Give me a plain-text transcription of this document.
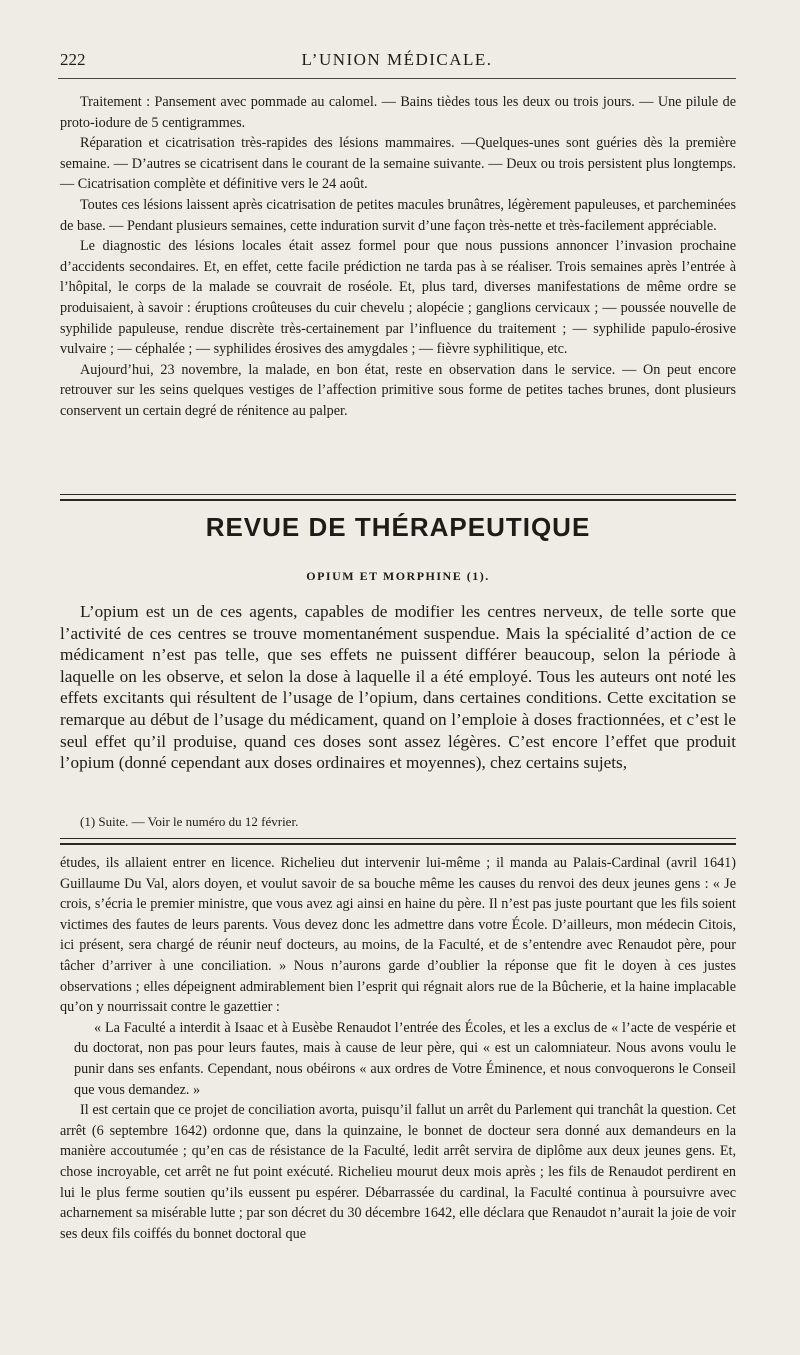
222	L’UNION MÉDICALE.

Traitement : Pansement avec pommade au calomel. — Bains tièdes tous les deux ou trois jours. — Une pilule de proto-iodure de 5 centigrammes.

Réparation et cicatrisation très-rapides des lésions mammaires. —Quelques-unes sont guéries dès la première semaine. — D’autres se cicatrisent dans le courant de la semaine suivante. — Deux ou trois persistent plus longtemps. — Cicatrisation complète et définitive vers le 24 août.

Toutes ces lésions laissent après cicatrisation de petites macules brunâtres, légèrement papuleuses, et parcheminées de base. — Pendant plusieurs semaines, cette induration survit d’une façon très-nette et très-facilement appréciable.

Le diagnostic des lésions locales était assez formel pour que nous pussions annoncer l’invasion prochaine d’accidents secondaires. Et, en effet, cette facile prédiction ne tarda pas à se réaliser. Trois semaines après l’entrée à l’hôpital, le corps de la malade se couvrait de roséole. Et, plus tard, diverses manifestations de même ordre se produisaient, à savoir : éruptions croûteuses du cuir chevelu ; alopécie ; ganglions cervicaux ; — poussée nouvelle de syphilide papuleuse, rendue discrète très-certainement par l’influence du traitement ; — syphilide papulo-érosive vulvaire ; — céphalée ; — syphilides érosives des amygdales ; — fièvre syphilitique, etc.

Aujourd’hui, 23 novembre, la malade, en bon état, reste en observation dans le service. — On peut encore retrouver sur les seins quelques vestiges de l’affection primitive sous forme de petites taches brunes, dont plusieurs conservent un certain degré de rénitence au palper.

REVUE DE THÉRAPEUTIQUE
OPIUM ET MORPHINE (1).

L’opium est un de ces agents, capables de modifier les centres nerveux, de telle sorte que l’activité de ces centres se trouve momentanément suspendue. Mais la spécialité d’action de ce médicament n’est pas telle, que ses effets ne puissent différer beaucoup, selon la période à laquelle on les observe, et selon la dose à laquelle il a été employé. Tous les auteurs ont noté les effets excitants qui résultent de l’usage de l’opium, dans certaines conditions. Cette excitation se remarque au début de l’usage du médicament, quand on l’emploie à doses fractionnées, et c’est le seul effet qu’il produise, quand ces doses sont assez légères. C’est encore l’effet que produit l’opium (donné cependant aux doses ordinaires et moyennes), chez certains sujets,

(1) Suite. — Voir le numéro du 12 février.

études, ils allaient entrer en licence. Richelieu dut intervenir lui-même ; il manda au Palais-Cardinal (avril 1641) Guillaume Du Val, alors doyen, et voulut savoir de sa bouche même les causes du renvoi des deux jeunes gens : « Je crois, s’écria le premier ministre, que vous avez agi ainsi en haine du père. Il n’est pas juste pourtant que les fils soient victimes des fautes de leurs parents. Vous devez donc les admettre dans votre École. D’ailleurs, mon médecin Citois, ici présent, sera chargé de réunir neuf docteurs, au moins, de la Faculté, et de s’entendre avec Renaudot père, pour tâcher d’arriver à une conciliation. » Nous n’aurons garde d’oublier la réponse que fit le doyen à ces justes observations ; elles dépeignent admirablement bien l’esprit qui régnait alors rue de la Bûcherie, et la haine implacable qu’on y nourrissait contre le gazettier :

« La Faculté a interdit à Isaac et à Eusèbe Renaudot l’entrée des Écoles, et les a exclus de « l’acte de vespérie et du doctorat, non pas pour leurs fautes, mais à cause de leur père, qui « est un calomniateur. Nous avons voulu le punir dans ses enfants. Cependant, nous obéirons « aux ordres de Votre Éminence, et nous convoquerons le Conseil que vous demandez. »

Il est certain que ce projet de conciliation avorta, puisqu’il fallut un arrêt du Parlement qui tranchât la question. Cet arrêt (6 septembre 1642) ordonne que, dans la quinzaine, le bonnet de docteur sera donné aux demandeurs en la manière accoutumée ; qu’en cas de résistance de la Faculté, ledit arrêt servira de diplôme aux deux jeunes gens. Et, chose incroyable, cet arrêt ne fut point exécuté. Richelieu mourut deux mois après ; les fils de Renaudot perdirent en lui le plus ferme soutien qu’ils eussent pu espérer. Débarrassée du cardinal, la Faculté continua à poursuivre avec acharnement sa misérable lutte ; par son décret du 30 décembre 1642, elle déclara que Renaudot n’aurait la joie de voir ses deux fils coiffés du bonnet doctoral que
